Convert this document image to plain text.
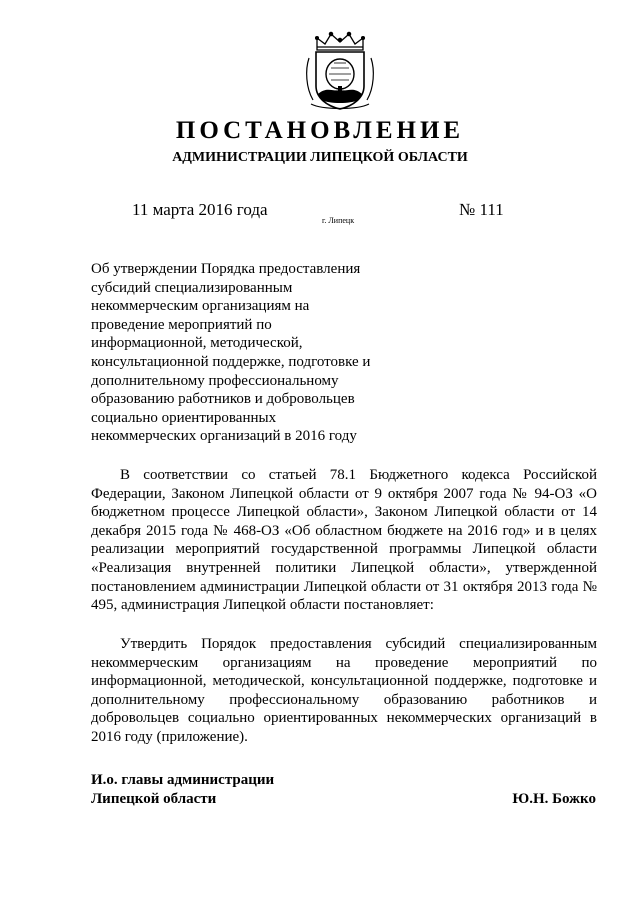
ПОСТАНОВЛЕНИЕ
АДМИНИСТРАЦИИ ЛИПЕЦКОЙ ОБЛАСТИ
11 марта 2016 года
г. Липецк
№ 111

Об утверждении Порядка предоставления субсидий специализированным некоммерческим организациям на проведение мероприятий по информационной, методической, консультационной поддержке, подготовке и дополнительному профессиональному образованию работников и добровольцев социально ориентированных некоммерческих организаций в 2016 году

В соответствии со статьей 78.1 Бюджетного кодекса Российской Федерации, Законом Липецкой области от 9 октября 2007 года № 94-ОЗ «О бюджетном процессе Липецкой области», Законом Липецкой области от 14 декабря 2015 года № 468-ОЗ «Об областном бюджете на 2016 год» и в целях реализации мероприятий государственной программы Липецкой области «Реализация внутренней политики Липецкой области», утвержденной постановлением администрации Липецкой области от 31 октября 2013 года № 495, администрация Липецкой области постановляет:

Утвердить Порядок предоставления субсидий специализированным некоммерческим организациям на проведение мероприятий по информационной, методической, консультационной поддержке, подготовке и дополнительному профессиональному образованию работников и добровольцев социально ориентированных некоммерческих организаций в 2016 году (приложение).

И.о. главы администрации
Липецкой области	Ю.Н. Божко
